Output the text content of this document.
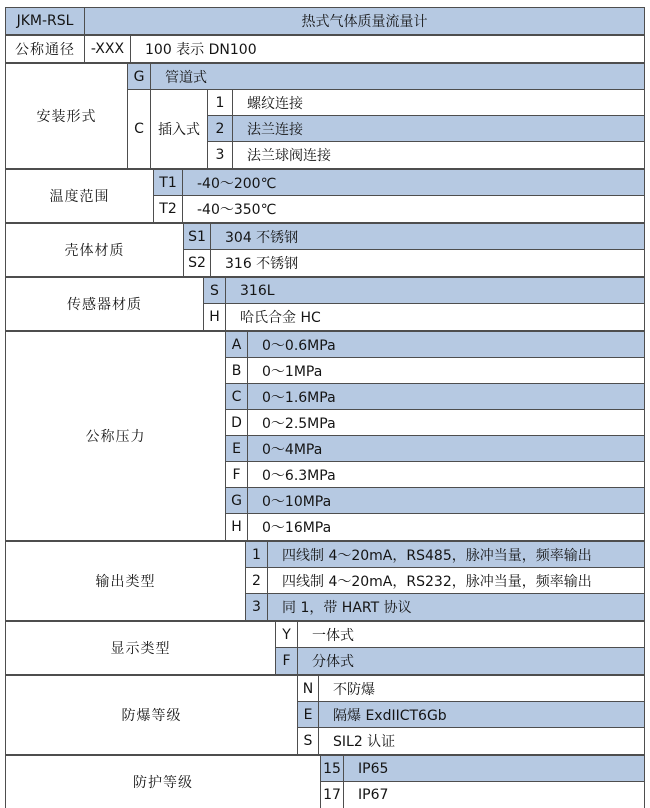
JKM-RSL	热式气体质量流量计
公称通径	-XXX	100 表示 DN100
安装形式
G	管道式
C	插入式
1	螺纹连接
2	法兰连接
3	法兰球阀连接
温度范围
T1	-40～200℃
T2	-40～350℃
壳体材质
S1	304 不锈钢
S2	316 不锈钢
传感器材质
S	316L
H	哈氏合金 HC
公称压力
A	0～0.6MPa
B	0～1MPa
C	0～1.6MPa
D	0～2.5MPa
E	0～4MPa
F	0～6.3MPa
G	0～10MPa
H	0～16MPa
输出类型
1	四线制 4～20mA，RS485，脉冲当量，频率输出
2	四线制 4～20mA，RS232，脉冲当量，频率输出
3	同 1，带 HART 协议
显示类型
Y	一体式
F	分体式
防爆等级
N	不防爆
E	隔爆 ExdIICT6Gb
S	SIL2 认证
防护等级
15	IP65
17	IP67
